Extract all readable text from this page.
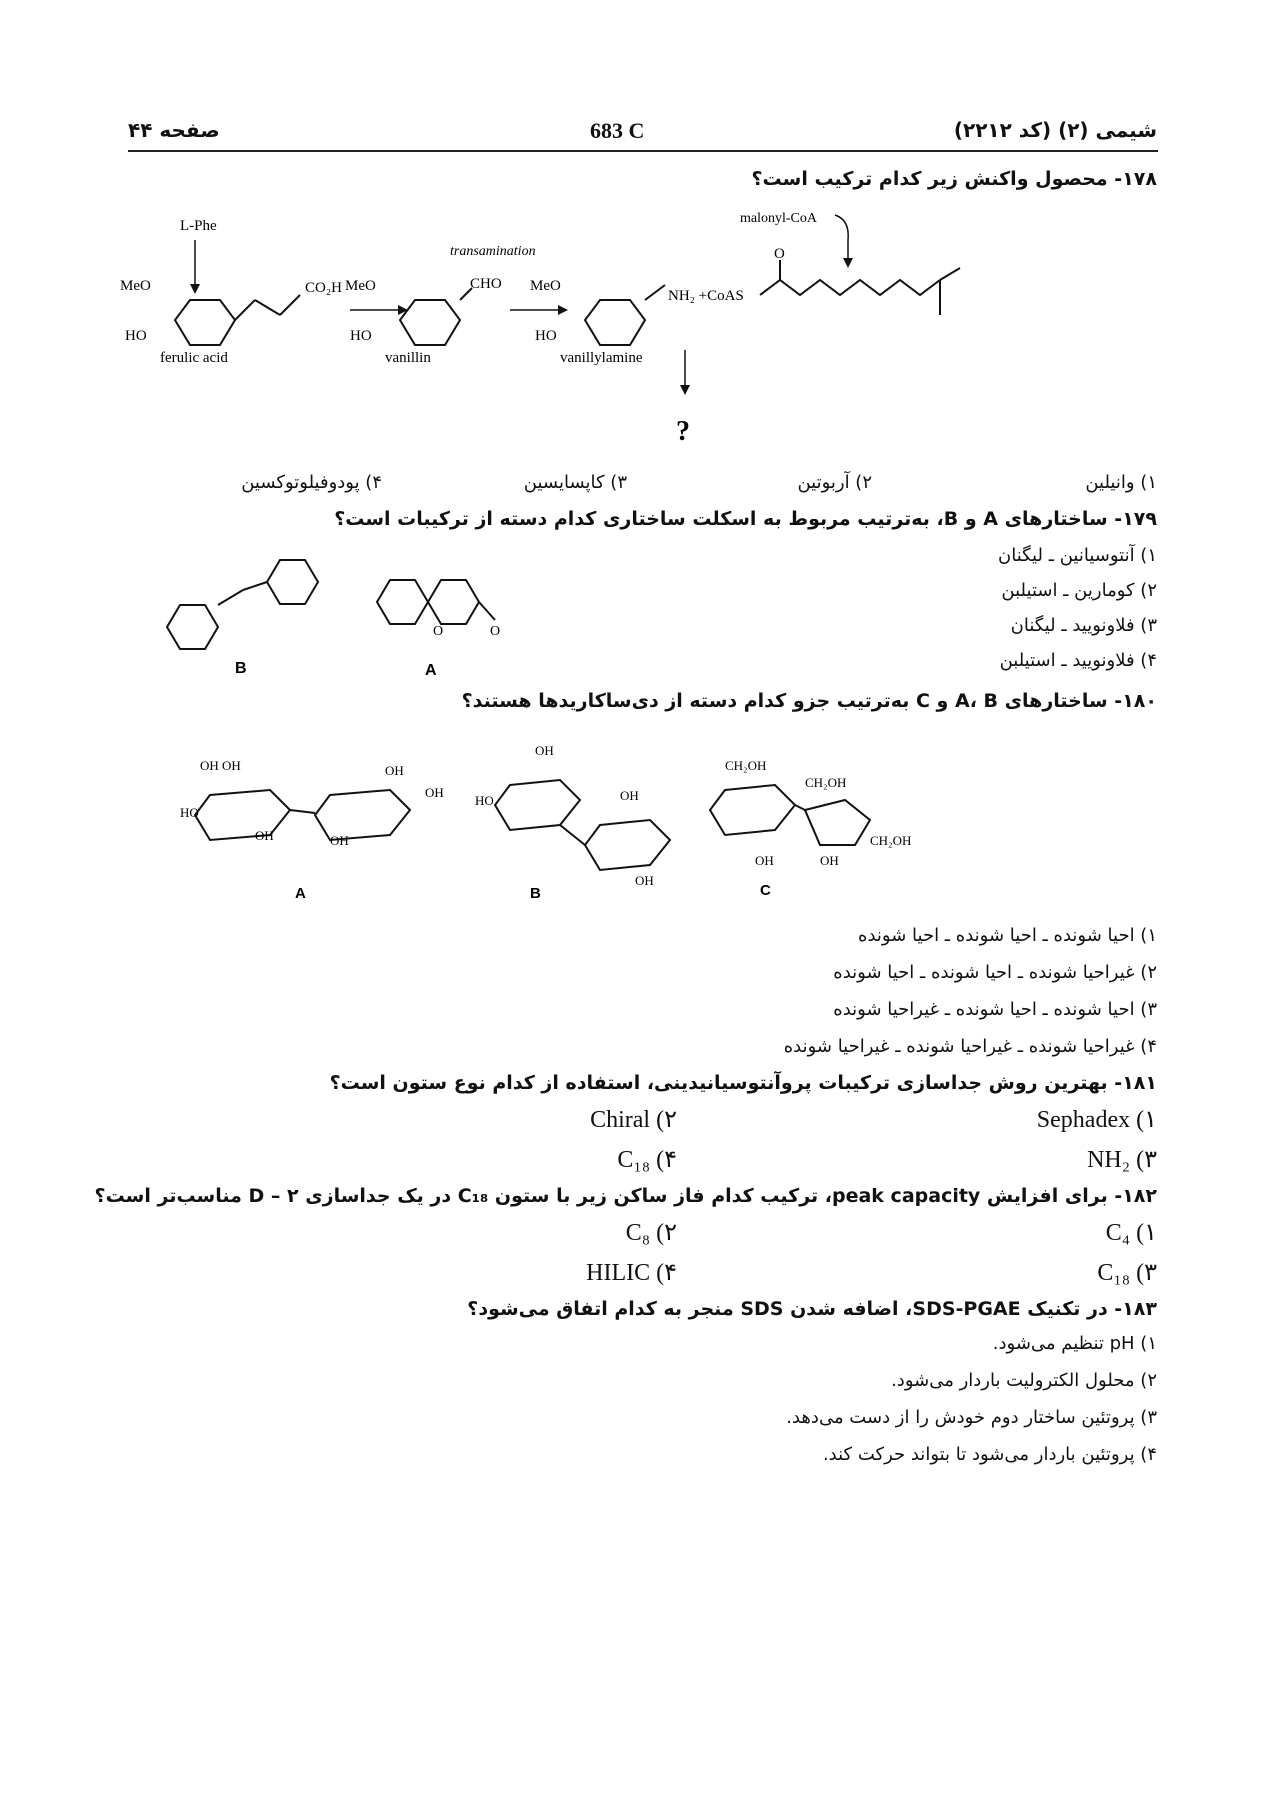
شیمی (۲) (کد ۲۲۱۲)
683 C
صفحه ۴۴
۱۷۸- محصول واکنش زیر کدام ترکیب است؟
L-Phe
MeO	CO₂H
HO
ferulic acid
MeO	CHO
HO
vanillin
transamination
MeO
NH₂ +CoAS
HO
vanillylamine
O
malonyl-CoA
?
۱) وانیلین
۲) آربوتین
۳) کاپسایسین
۴) پودوفیلوتوکسین
۱۷۹- ساختارهای A و B، به‌ترتیب مربوط به اسکلت ساختاری کدام دسته از ترکیبات است؟
O	O
B	A
۱) آنتوسیانین ـ لیگنان
۲) کومارین ـ استیلبن
۳) فلاونویید ـ لیگنان
۴) فلاونویید ـ استیلبن
۱۸۰- ساختارهای A، B و C به‌ترتیب جزو کدام دسته از دی‌ساکاریدها هستند؟
OH OH
HO
OH	OH
OH
OH
A
OH
HO	OH
OH
B
CH₂OH
CH₂OH
CH₂OH
OH	OH
C
۱) احیا شونده ـ احیا شونده ـ احیا شونده
۲) غیراحیا شونده ـ احیا شونده ـ احیا شونده
۳) احیا شونده ـ احیا شونده ـ غیراحیا شونده
۴) غیراحیا شونده ـ غیراحیا شونده ـ غیراحیا شونده
۱۸۱- بهترین روش جداسازی ترکیبات پروآنتوسیانیدینی، استفاده از کدام نوع ستون است؟
۱) Sephadex
۲) Chiral
۳) NH₂
۴) C₁₈
۱۸۲- برای افزایش peak capacity، ترکیب کدام فاز ساکن زیر با ستون C₁₈ در یک جداسازی D – ۲ مناسب‌تر است؟
۱) C₄
۲) C₈
۳) C₁₈
۴) HILIC
۱۸۳- در تکنیک SDS-PGAE، اضافه شدن SDS منجر به کدام اتفاق می‌شود؟
۱) pH تنظیم می‌شود.
۲) محلول الکترولیت باردار می‌شود.
۳) پروتئین ساختار دوم خودش را از دست می‌دهد.
۴) پروتئین باردار می‌شود تا بتواند حرکت کند.
